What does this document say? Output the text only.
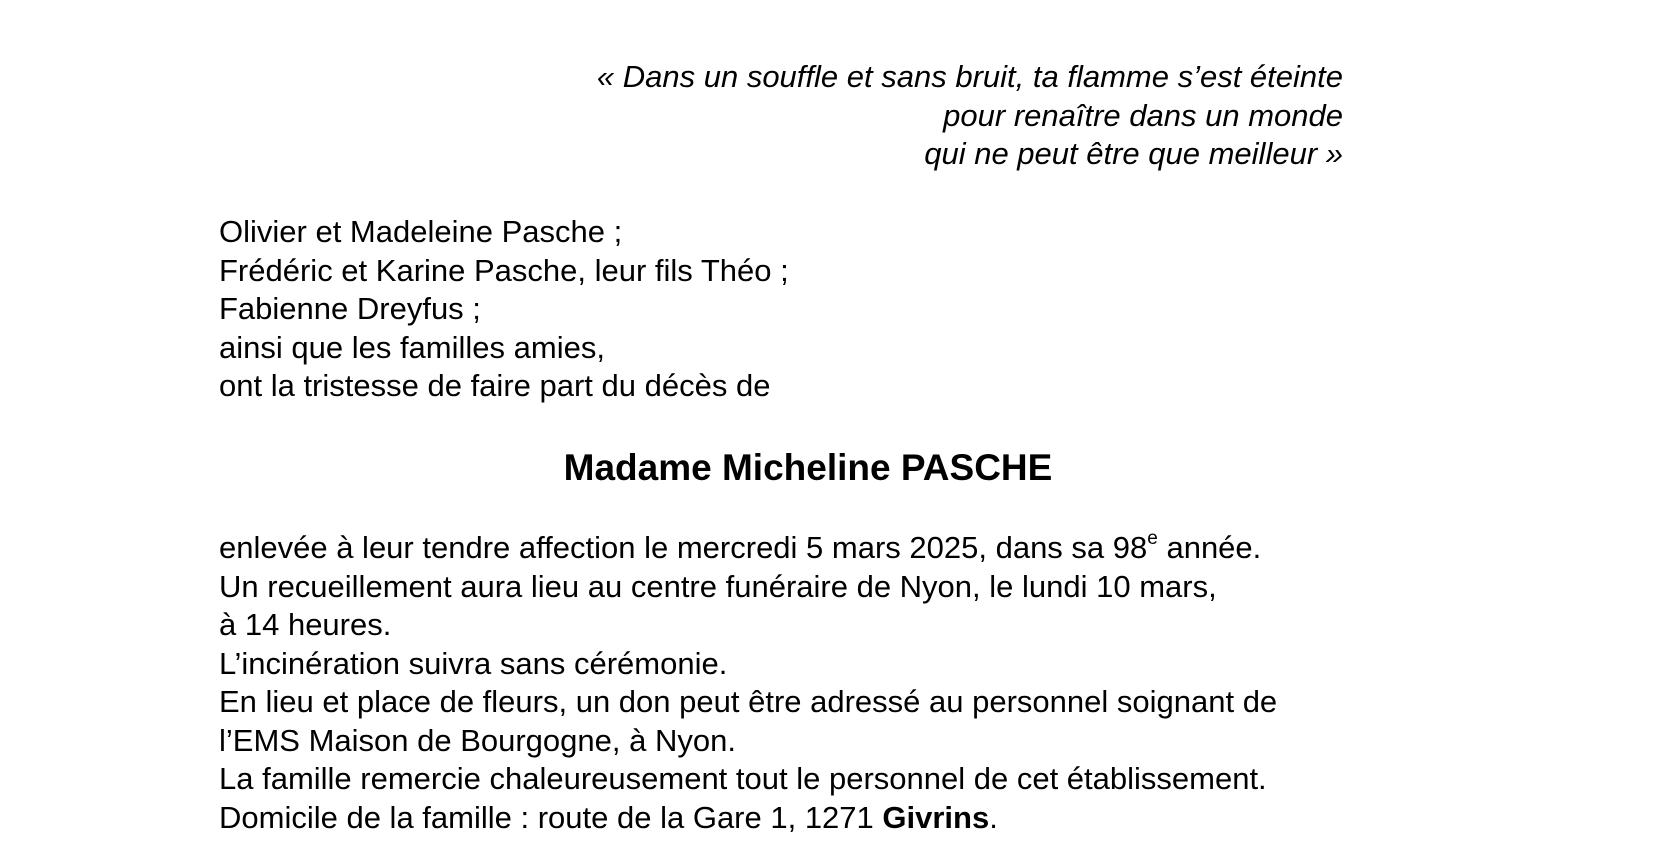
« Dans un souffle et sans bruit, ta flamme s’est éteinte
pour renaître dans un monde
qui ne peut être que meilleur »
Olivier et Madeleine Pasche ;
Frédéric et Karine Pasche, leur fils Théo ;
Fabienne Dreyfus ;
ainsi que les familles amies,
ont la tristesse de faire part du décès de
Madame Micheline PASCHE
enlevée à leur tendre affection le mercredi 5 mars 2025, dans sa 98e année.
Un recueillement aura lieu au centre funéraire de Nyon, le lundi 10 mars,
à 14 heures.
L’incinération suivra sans cérémonie.
En lieu et place de fleurs, un don peut être adressé au personnel soignant de
l’EMS Maison de Bourgogne, à Nyon.
La famille remercie chaleureusement tout le personnel de cet établissement.
Domicile de la famille : route de la Gare 1, 1271 Givrins.
